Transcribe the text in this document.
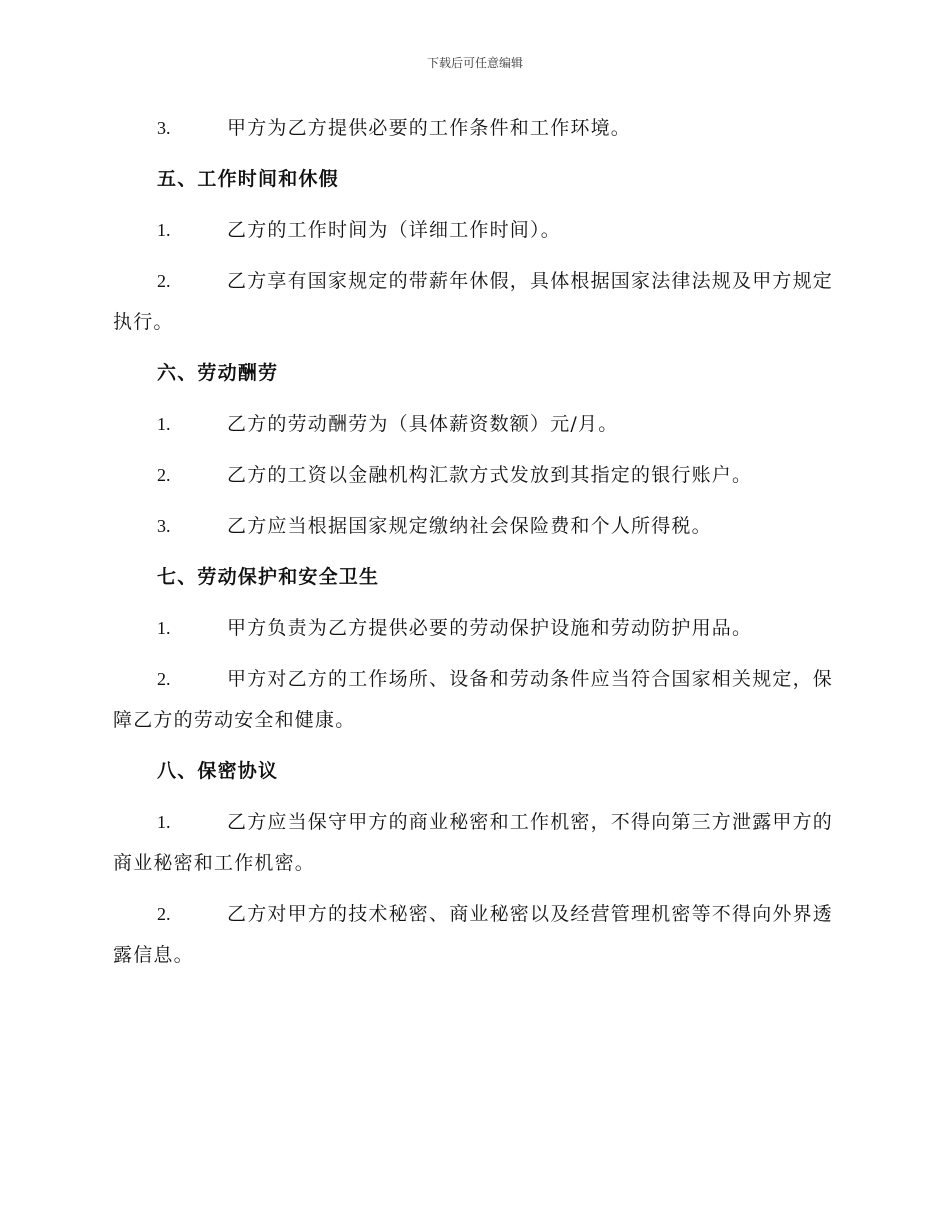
下载后可任意编辑

3.	甲方为乙方提供必要的工作条件和工作环境。

五、工作时间和休假

1.	乙方的工作时间为（详细工作时间）。

2.	乙方享有国家规定的带薪年休假，具体根据国家法律法规及甲方规定执行。

六、劳动酬劳

1.	乙方的劳动酬劳为（具体薪资数额）元/月。

2.	乙方的工资以金融机构汇款方式发放到其指定的银行账户。

3.	乙方应当根据国家规定缴纳社会保险费和个人所得税。

七、劳动保护和安全卫生

1.	甲方负责为乙方提供必要的劳动保护设施和劳动防护用品。

2.	甲方对乙方的工作场所、设备和劳动条件应当符合国家相关规定，保障乙方的劳动安全和健康。

八、保密协议

1.	乙方应当保守甲方的商业秘密和工作机密，不得向第三方泄露甲方的商业秘密和工作机密。

2.	乙方对甲方的技术秘密、商业秘密以及经营管理机密等不得向外界透露信息。
